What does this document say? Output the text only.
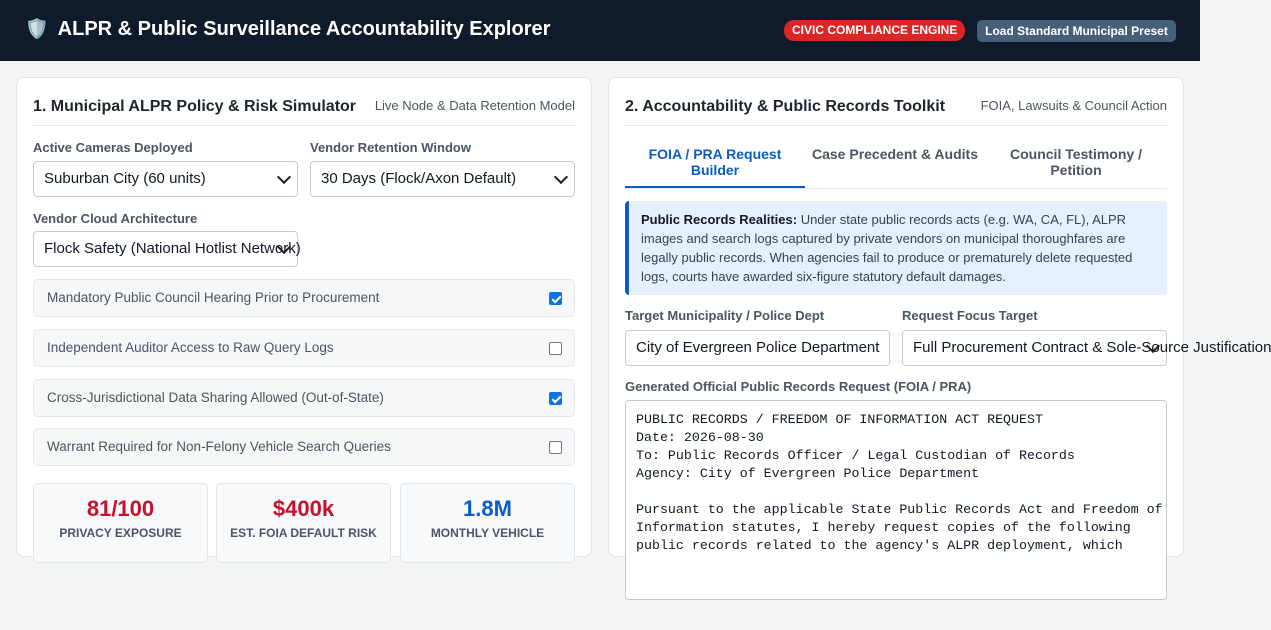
🛡️ ALPR & Public Surveillance Accountability Explorer	CIVIC COMPLIANCE ENGINE	Load Standard Municipal Preset
1. Municipal ALPR Policy & Risk Simulator Live Node & Data Retention Model
Active Cameras Deployed
Suburban City (60 units)
Vendor Retention Window
30 Days (Flock/Axon Default)
Vendor Cloud Architecture
Flock Safety (National Hotlist Network)
Mandatory Public Council Hearing Prior to Procurement
Independent Auditor Access to Raw Query Logs
Cross-Jurisdictional Data Sharing Allowed (Out-of-State)
Warrant Required for Non-Felony Vehicle Search Queries
81/100
PRIVACY EXPOSURE
$400k
EST. FOIA DEFAULT RISK
1.8M
MONTHLY VEHICLE
2. Accountability & Public Records Toolkit	FOIA, Lawsuits & Council Action
FOIA / PRA Request Builder
Case Precedent & Audits	Council Testimony / Petition
Public Records Realities: Under state public records acts (e.g. WA, CA, FL), ALPR images and search logs captured by private vendors on municipal thoroughfares are legally public records. When agencies fail to produce or prematurely delete requested logs, courts have awarded six-figure statutory default damages.
Target Municipality / Police Dept
City of Evergreen Police Department
Request Focus Target
Full Procurement Contract & Sole-Source Justification
Generated Official Public Records Request (FOIA / PRA)
PUBLIC RECORDS / FREEDOM OF INFORMATION ACT REQUEST
Date: 2026-08-30
To: Public Records Officer / Legal Custodian of Records
Agency: City of Evergreen Police Department

Pursuant to the applicable State Public Records Act and Freedom of
Information statutes, I hereby request copies of the following
public records related to the agency's ALPR deployment, which
